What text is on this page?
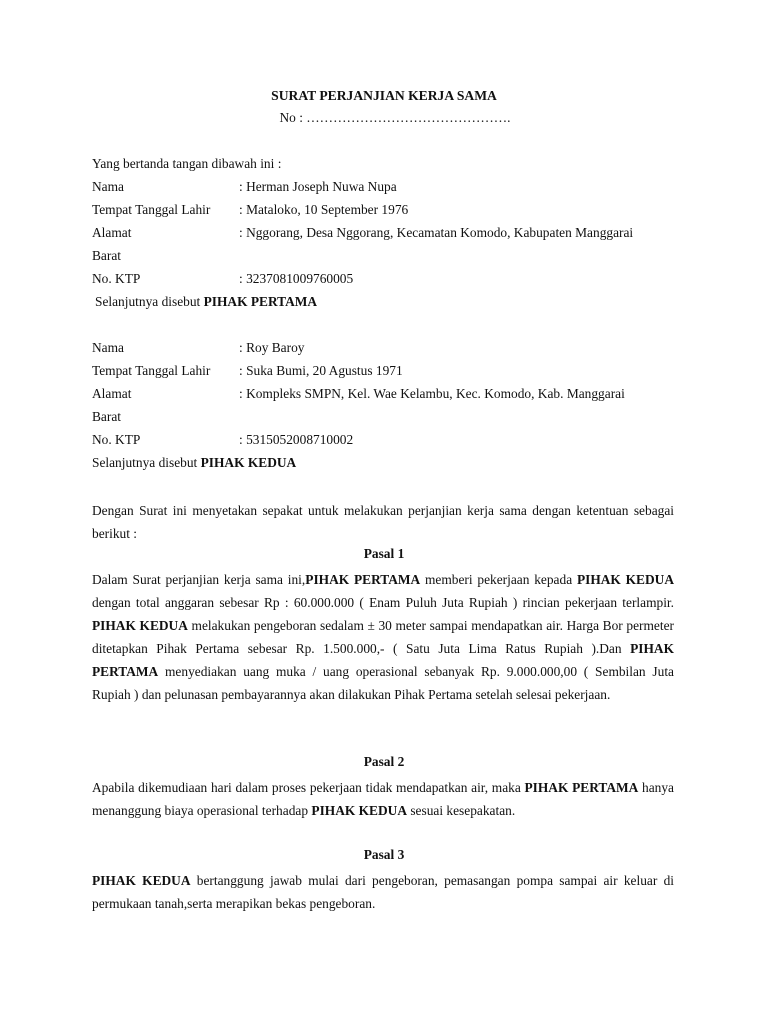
SURAT PERJANJIAN KERJA SAMA
No : ……………………………………….
Yang bertanda tangan dibawah ini :
Nama	: Herman Joseph Nuwa Nupa
Tempat Tanggal Lahir : Mataloko, 10 September 1976
Alamat	: Nggorang, Desa Nggorang, Kecamatan Komodo, Kabupaten Manggarai
Barat
No. KTP	: 3237081009760005
Selanjutnya disebut PIHAK PERTAMA
Nama	: Roy Baroy
Tempat Tanggal Lahir : Suka Bumi, 20 Agustus 1971
Alamat	: Kompleks SMPN, Kel. Wae Kelambu, Kec. Komodo, Kab. Manggarai
Barat
No. KTP	: 5315052008710002
Selanjutnya disebut PIHAK KEDUA
Dengan Surat ini menyetakan sepakat untuk melakukan perjanjian kerja sama dengan ketentuan sebagai berikut :
Pasal 1
Dalam Surat perjanjian kerja sama ini,PIHAK PERTAMA memberi pekerjaan kepada PIHAK KEDUA dengan total anggaran sebesar Rp : 60.000.000 ( Enam Puluh Juta Rupiah ) rincian pekerjaan terlampir. PIHAK KEDUA melakukan pengeboran sedalam ± 30 meter sampai mendapatkan air. Harga Bor permeter ditetapkan Pihak Pertama sebesar Rp. 1.500.000,- ( Satu Juta Lima Ratus Rupiah ).Dan PIHAK PERTAMA menyediakan uang muka / uang operasional sebanyak Rp. 9.000.000,00 ( Sembilan Juta Rupiah ) dan pelunasan pembayarannya akan dilakukan Pihak Pertama setelah selesai pekerjaan.
Pasal 2
Apabila dikemudiaan hari dalam proses pekerjaan tidak mendapatkan air, maka PIHAK PERTAMA hanya menanggung biaya operasional terhadap PIHAK KEDUA sesuai kesepakatan.
Pasal 3
PIHAK KEDUA bertanggung jawab mulai dari pengeboran, pemasangan pompa sampai air keluar di permukaan tanah,serta merapikan bekas pengeboran.
